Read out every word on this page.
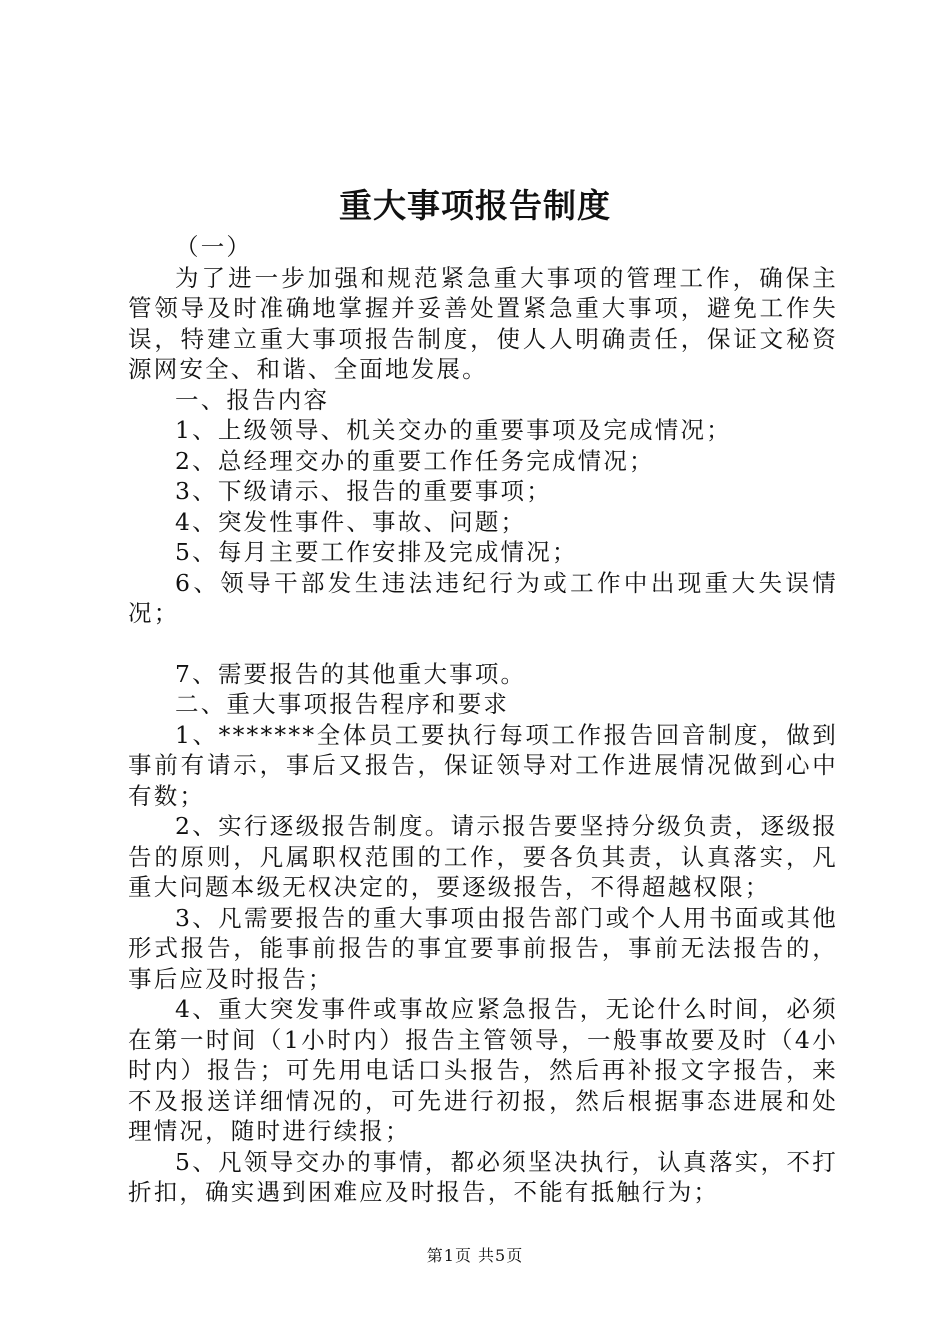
重大事项报告制度

（一）

为了进一步加强和规范紧急重大事项的管理工作，确保主管领导及时准确地掌握并妥善处置紧急重大事项，避免工作失误，特建立重大事项报告制度，使人人明确责任，保证文秘资源网安全、和谐、全面地发展。

一、报告内容

1、上级领导、机关交办的重要事项及完成情况；

2、总经理交办的重要工作任务完成情况；

3、下级请示、报告的重要事项；

4、突发性事件、事故、问题；

5、每月主要工作安排及完成情况；

6、领导干部发生违法违纪行为或工作中出现重大失误情况；

7、需要报告的其他重大事项。

二、重大事项报告程序和要求

1、*******全体员工要执行每项工作报告回音制度，做到事前有请示，事后又报告，保证领导对工作进展情况做到心中有数；

2、实行逐级报告制度。请示报告要坚持分级负责，逐级报告的原则，凡属职权范围的工作，要各负其责，认真落实，凡重大问题本级无权决定的，要逐级报告，不得超越权限；

3、凡需要报告的重大事项由报告部门或个人用书面或其他形式报告，能事前报告的事宜要事前报告，事前无法报告的，事后应及时报告；

4、重大突发事件或事故应紧急报告，无论什么时间，必须在第一时间（1小时内）报告主管领导，一般事故要及时（4小时内）报告；可先用电话口头报告，然后再补报文字报告，来不及报送详细情况的，可先进行初报，然后根据事态进展和处理情况，随时进行续报；

5、凡领导交办的事情，都必须坚决执行，认真落实，不打折扣，确实遇到困难应及时报告，不能有抵触行为；

第1页 共5页
